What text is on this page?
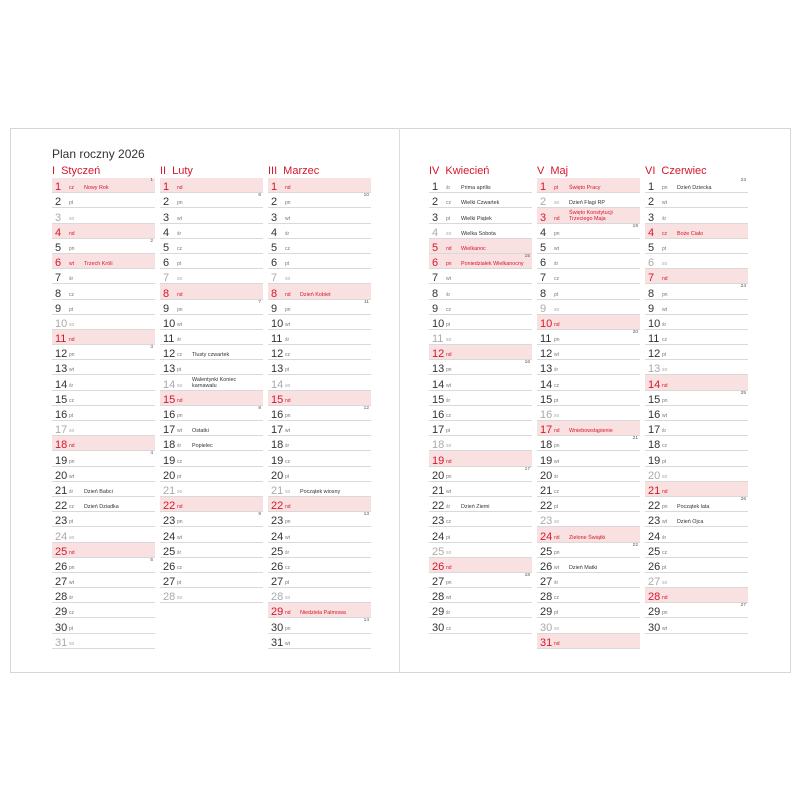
Plan roczny 2026
I Styczeń
1 cz Nowy Rok
1
2 pt
3 so
4 nd
5 pn
2
6 wt Trzech Króli
7 śr
8 cz
9 pt
10 so
11 nd
12 pn
3
13 wt
14 śr
15 cz
16 pt
17 so
18 nd
19 pn
4
20 wt
21 śr Dzień Babci
22 cz Dzień Dziadka
23 pt
24 so
25 nd
26 pn
5
27 wt
28 śr
29 cz
30 pt
31 so
II Luty
1 nd
2 pn
6
3 wt
4 śr
5 cz
6 pt
7 so
8 nd
9 pn
7
10 wt
11 śr
12 cz Tłusty czwartek
13 pt
14 so
Walentynki Koniec karnawału
15 nd
16 pn
8
17 wt Ostatki
18 śr Popielec
19 cz
20 pt
21 so
22 nd
23 pn
9
24 wt
25 śr
26 cz
27 pt
28 so
III Marzec
1 nd
2 pn
10
3 wt
4 śr
5 cz
6 pt
7 so
8 nd Dzień Kobiet
9 pn
11
10 wt
11 śr
12 cz
13 pt
14 so
15 nd
16 pn
12
17 wt
18 śr
19 cz
20 pt
21 so Początek wiosny
22 nd
23 pn
13
24 wt
25 śr
26 cz
27 pt
28 so
29 nd Niedziela Palmowa
30 pn
14
31 wt
IV Kwiecień
1 śr Prima aprilis
2 cz Wielki Czwartek
3 pt Wielki Piątek
4 so Wielka Sobota
5 nd Wielkanoc
6 pn Poniedziałek Wielkanocny
15
7 wt
8 śr
9 cz
10 pt
11 so
12 nd
13 pn
16
14 wt
15 śr
16 cz
17 pt
18 so
19 nd
20 pn
17
21 wt
22 śr Dzień Ziemi
23 cz
24 pt
25 so
26 nd
27 pn
18
28 wt
29 śr
30 cz
V Maj
1 pt Święto Pracy
2 so Dzień Flagi RP
3 nd
Święto Konstytucji Trzeciego Maja
4 pn
19
5 wt
6 śr
7 cz
8 pt
9 so
10 nd
11 pn
20
12 wt
13 śr
14 cz
15 pt
16 so
17 nd Wniebowstąpienie
18 pn
21
19 wt
20 śr
21 cz
22 pt
23 so
24 nd Zielone Świątki
25 pn
22
26 wt Dzień Matki
27 śr
28 cz
29 pt
30 so
31 nd
VI Czerwiec
1 pn Dzień Dziecka
23
2 wt
3 śr
4 cz Boże Ciało
5 pt
6 so
7 nd
8 pn
24
9 wt
10 śr
11 cz
12 pt
13 so
14 nd
15 pn
25
16 wt
17 śr
18 cz
19 pt
20 so
21 nd
22 pn Początek lata
26
23 wt Dzień Ojca
24 śr
25 cz
26 pt
27 so
28 nd
29 pn
27
30 wt
